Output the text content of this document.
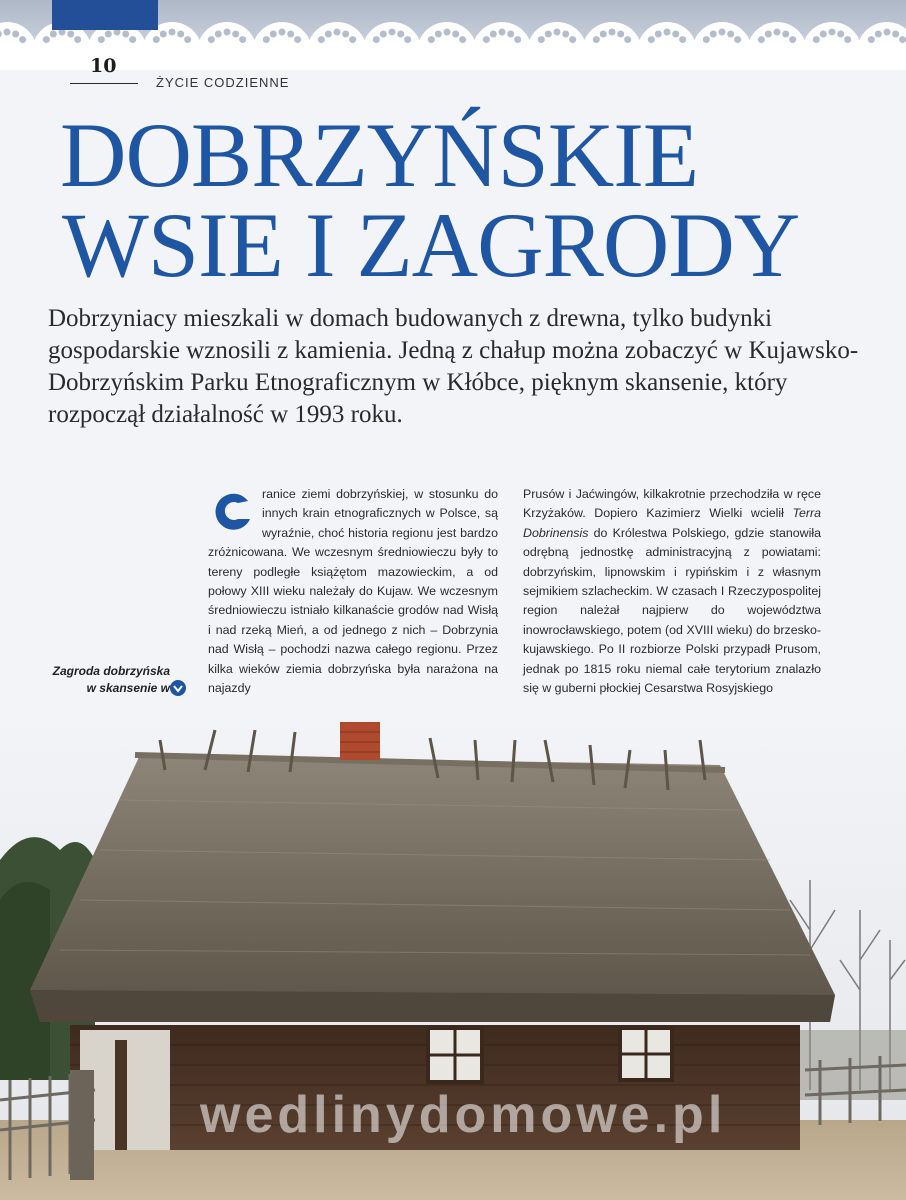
10
ŻYCIE CODZIENNE
DOBRZYŃSKIE
WSIE I ZAGRODY
Dobrzyniacy mieszkali w domach budowanych z drewna, tylko budynki gospodarskie wznosili z kamienia. Jedną z chałup można zobaczyć w Kujawsko-Dobrzyńskim Parku Etnograficznym w Kłóbce, pięknym skansenie, który rozpoczął działalność w 1993 roku.
ranice ziemi dobrzyńskiej, w stosunku do innych krain etnograficznych w Polsce, są wyraźnie, choć historia regionu jest bardzo zróżnicowana. We wczesnym średniowieczu były to tereny podległe książętom mazowieckim, a od połowy XIII wieku należały do Kujaw. We wczesnym średniowieczu istniało kilkanaście grodów nad Wisłą i nad rzeką Mień, a od jednego z nich – Dobrzynia nad Wisłą – pochodzi nazwa całego regionu. Przez kilka wieków ziemia dobrzyńska była narażona na najazdy
Prusów i Jaćwingów, kilkakrotnie przechodziła w ręce Krzyżaków. Dopiero Kazimierz Wielki wcielił Terra Dobrinensis do Królestwa Polskiego, gdzie stanowiła odrębną jednostkę administracyjną z powiatami: dobrzyńskim, lipnowskim i rypińskim i z własnym sejmikiem szlacheckim. W czasach I Rzeczypospolitej region należał najpierw do województwa inowrocławskiego, potem (od XVIII wieku) do brzesko-kujawskiego. Po II rozbiorze Polski przypadł Prusom, jednak po 1815 roku niemal całe terytorium znalazło się w guberni płockiej Cesarstwa Rosyjskiego
Zagroda dobrzyńska
w skansenie w
wedlinydomowe.pl
